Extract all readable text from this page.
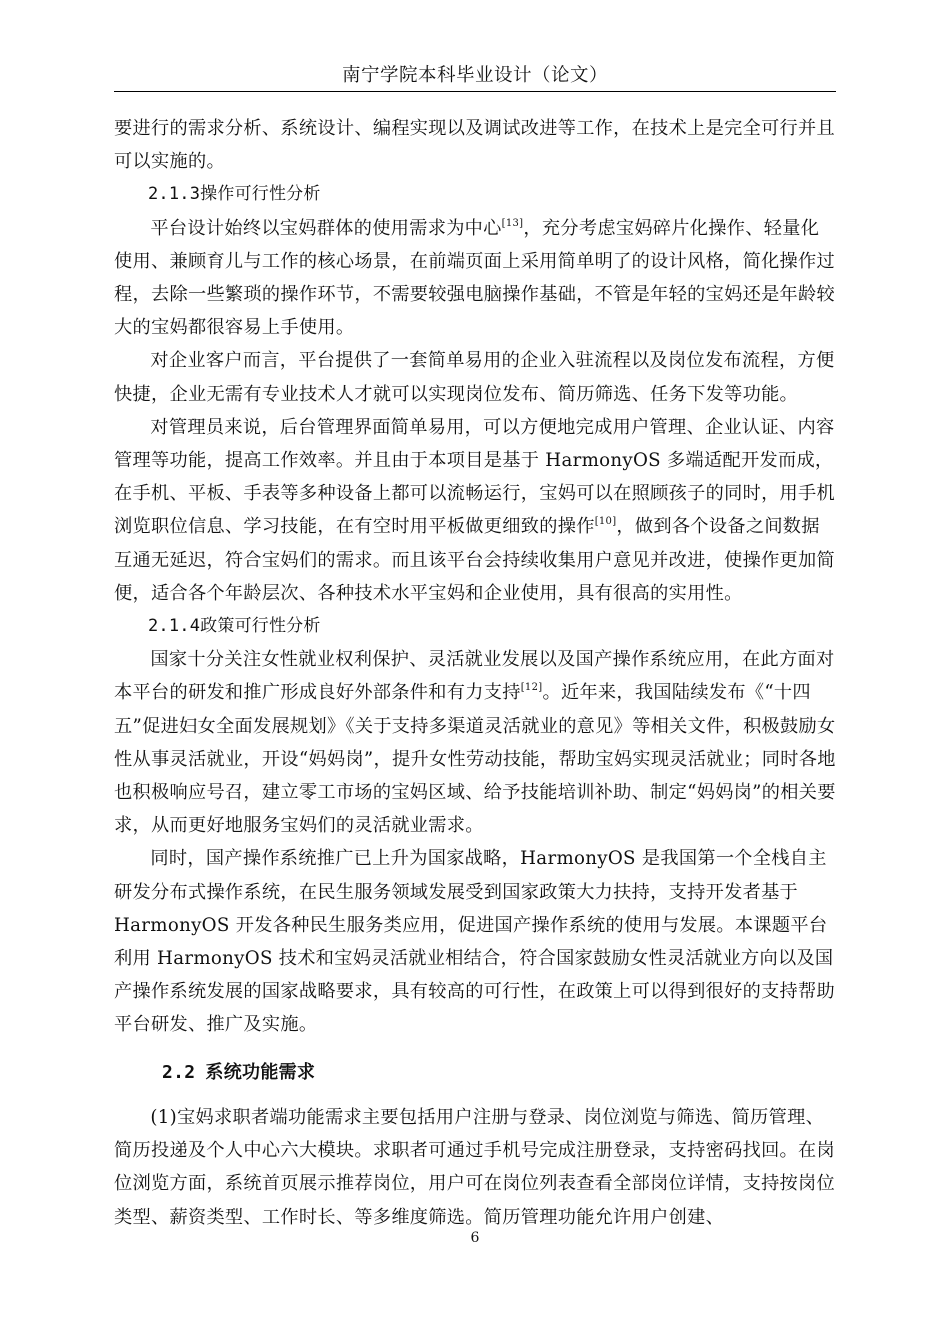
南宁学院本科毕业设计（论文）

要进行的需求分析、系统设计、编程实现以及调试改进等工作，在技术上是完全可行并且可以实施的。

2.1.3操作可行性分析

平台设计始终以宝妈群体的使用需求为中心[13]，充分考虑宝妈碎片化操作、轻量化使用、兼顾育儿与工作的核心场景，在前端页面上采用简单明了的设计风格，简化操作过程，去除一些繁琐的操作环节，不需要较强电脑操作基础，不管是年轻的宝妈还是年龄较大的宝妈都很容易上手使用。

对企业客户而言，平台提供了一套简单易用的企业入驻流程以及岗位发布流程，方便快捷，企业无需有专业技术人才就可以实现岗位发布、简历筛选、任务下发等功能。

对管理员来说，后台管理界面简单易用，可以方便地完成用户管理、企业认证、内容管理等功能，提高工作效率。并且由于本项目是基于 HarmonyOS 多端适配开发而成，在手机、平板、手表等多种设备上都可以流畅运行，宝妈可以在照顾孩子的同时，用手机浏览职位信息、学习技能，在有空时用平板做更细致的操作[10]，做到各个设备之间数据互通无延迟，符合宝妈们的需求。而且该平台会持续收集用户意见并改进，使操作更加简便，适合各个年龄层次、各种技术水平宝妈和企业使用，具有很高的实用性。

2.1.4政策可行性分析

国家十分关注女性就业权利保护、灵活就业发展以及国产操作系统应用，在此方面对本平台的研发和推广形成良好外部条件和有力支持[12]。近年来，我国陆续发布《“十四五”促进妇女全面发展规划》《关于支持多渠道灵活就业的意见》等相关文件，积极鼓励女性从事灵活就业，开设“妈妈岗”，提升女性劳动技能，帮助宝妈实现灵活就业；同时各地也积极响应号召，建立零工市场的宝妈区域、给予技能培训补助、制定“妈妈岗”的相关要求，从而更好地服务宝妈们的灵活就业需求。

同时，国产操作系统推广已上升为国家战略，HarmonyOS 是我国第一个全栈自主研发分布式操作系统，在民生服务领域发展受到国家政策大力扶持，支持开发者基于 HarmonyOS 开发各种民生服务类应用，促进国产操作系统的使用与发展。本课题平台利用 HarmonyOS 技术和宝妈灵活就业相结合，符合国家鼓励女性灵活就业方向以及国产操作系统发展的国家战略要求，具有较高的可行性，在政策上可以得到很好的支持帮助平台研发、推广及实施。

2.2 系统功能需求

(1)宝妈求职者端功能需求主要包括用户注册与登录、岗位浏览与筛选、简历管理、简历投递及个人中心六大模块。求职者可通过手机号完成注册登录，支持密码找回。在岗位浏览方面，系统首页展示推荐岗位，用户可在岗位列表查看全部岗位详情，支持按岗位类型、薪资类型、工作时长、等多维度筛选。简历管理功能允许用户创建、

6
